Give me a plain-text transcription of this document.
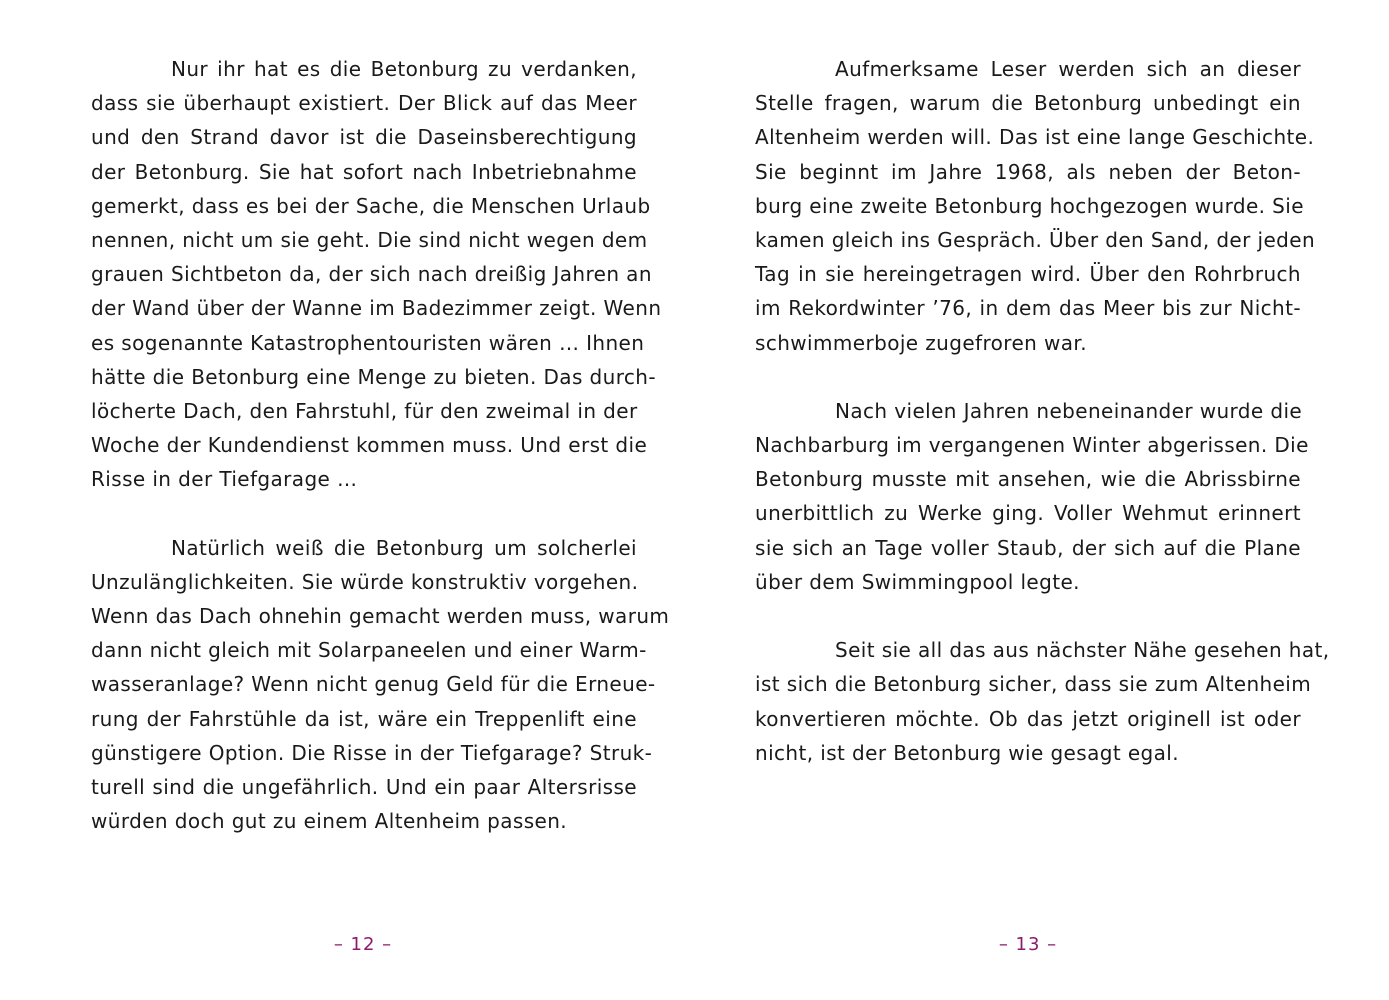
Nur ihr hat es die Betonburg zu verdanken,
dass sie überhaupt existiert. Der Blick auf das Meer
und den Strand davor ist die Daseinsberechtigung
der Betonburg. Sie hat sofort nach Inbetriebnahme
gemerkt, dass es bei der Sache, die Menschen Urlaub
nennen, nicht um sie geht. Die sind nicht wegen dem
grauen Sichtbeton da, der sich nach dreißig Jahren an
der Wand über der Wanne im Badezimmer zeigt. Wenn
es sogenannte Katastrophentouristen wären … Ihnen
hätte die Betonburg eine Menge zu bieten. Das durch-
löcherte Dach, den Fahrstuhl, für den zweimal in der
Woche der Kundendienst kommen muss. Und erst die
Risse in der Tiefgarage …
Natürlich weiß die Betonburg um solcherlei
Unzulänglichkeiten. Sie würde konstruktiv vorgehen.
Wenn das Dach ohnehin gemacht werden muss, warum
dann nicht gleich mit Solarpaneelen und einer Warm-
wasseranlage? Wenn nicht genug Geld für die Erneue-
rung der Fahrstühle da ist, wäre ein Treppenlift eine
günstigere Option. Die Risse in der Tiefgarage? Struk-
turell sind die ungefährlich. Und ein paar Altersrisse
würden doch gut zu einem Altenheim passen.
– 12 –
Aufmerksame Leser werden sich an dieser
Stelle fragen, warum die Betonburg unbedingt ein
Altenheim werden will. Das ist eine lange Geschichte.
Sie beginnt im Jahre 1968, als neben der Beton-
burg eine zweite Betonburg hochgezogen wurde. Sie
kamen gleich ins Gespräch. Über den Sand, der jeden
Tag in sie hereingetragen wird. Über den Rohrbruch
im Rekordwinter ’76, in dem das Meer bis zur Nicht-
schwimmerboje zugefroren war.
Nach vielen Jahren nebeneinander wurde die
Nachbarburg im vergangenen Winter abgerissen. Die
Betonburg musste mit ansehen, wie die Abrissbirne
unerbittlich zu Werke ging. Voller Wehmut erinnert
sie sich an Tage voller Staub, der sich auf die Plane
über dem Swimmingpool legte.
Seit sie all das aus nächster Nähe gesehen hat,
ist sich die Betonburg sicher, dass sie zum Altenheim
konvertieren möchte. Ob das jetzt originell ist oder
nicht, ist der Betonburg wie gesagt egal.
– 13 –
